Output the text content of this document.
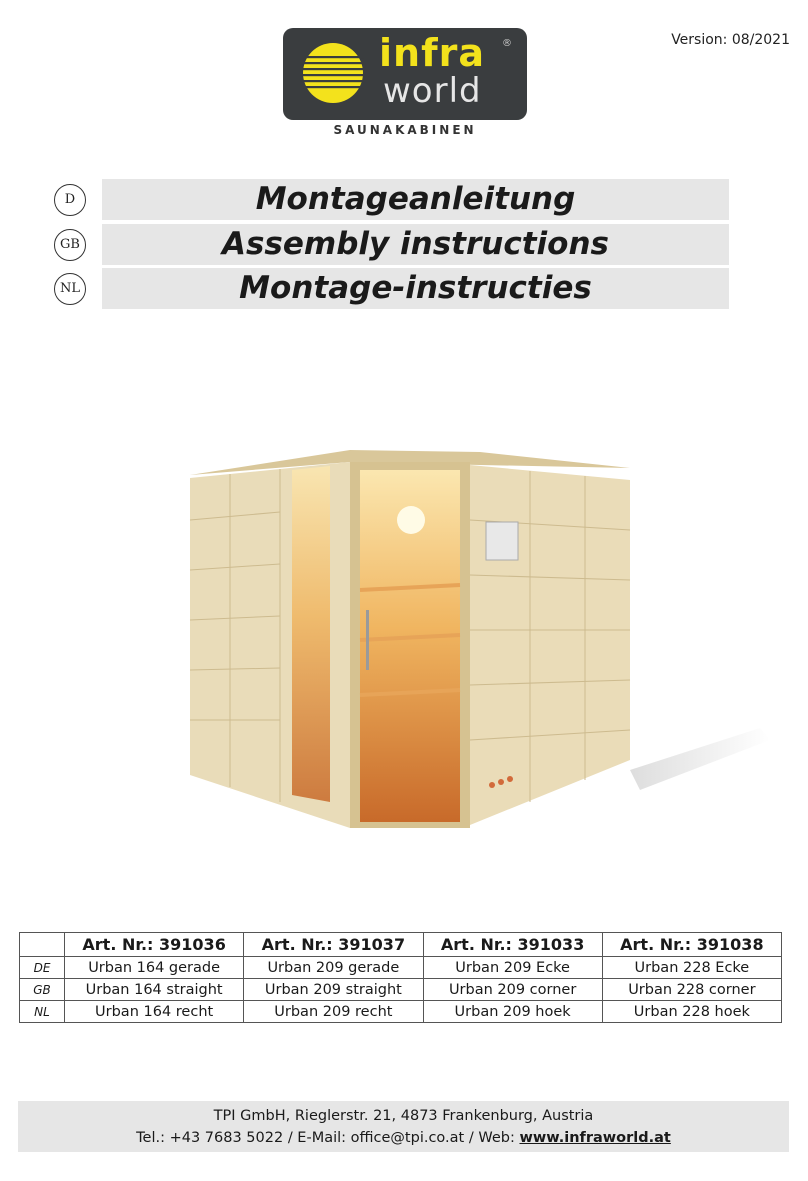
Version: 08/2021
infra ®
world
SAUNAKABINEN
D	Montageanleitung
GB	Assembly instructions
NL	Montage-instructies
	Art. Nr.: 391036	Art. Nr.: 391037	Art. Nr.: 391033	Art. Nr.: 391038
DE	Urban 164 gerade	Urban 209 gerade	Urban 209 Ecke	Urban 228 Ecke
GB	Urban 164 straight	Urban 209 straight	Urban 209 corner	Urban 228 corner
NL	Urban 164 recht	Urban 209 recht	Urban 209 hoek	Urban 228 hoek
TPI GmbH, Rieglerstr. 21, 4873 Frankenburg, Austria
Tel.: +43 7683 5022 / E-Mail: office@tpi.co.at / Web: www.infraworld.at
